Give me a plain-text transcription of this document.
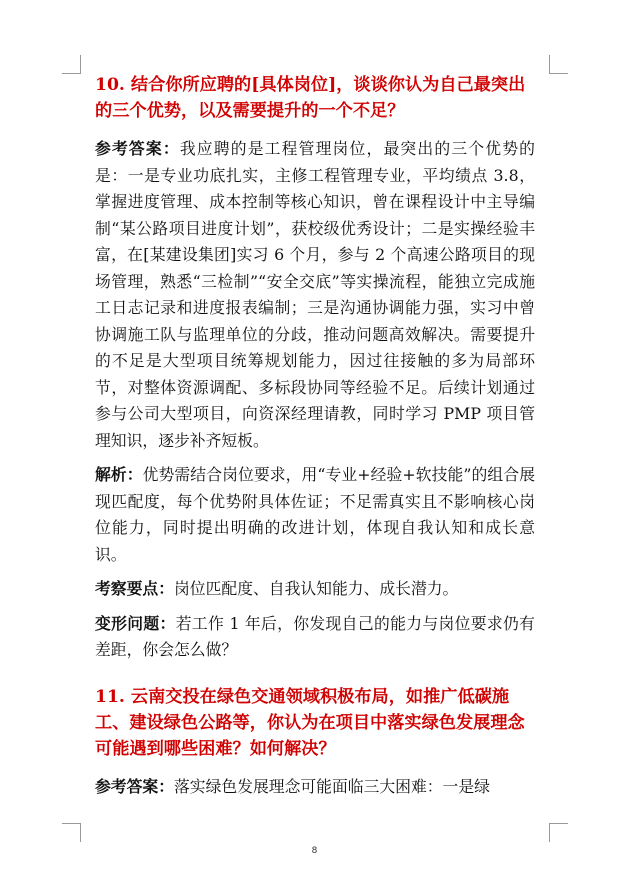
10. 结合你所应聘的[具体岗位]，谈谈你认为自己最突出的三个优势，以及需要提升的一个不足？

参考答案：我应聘的是工程管理岗位，最突出的三个优势的是：一是专业功底扎实，主修工程管理专业，平均绩点 3.8，掌握进度管理、成本控制等核心知识，曾在课程设计中主导编制“某公路项目进度计划”，获校级优秀设计；二是实操经验丰富，在[某建设集团]实习 6 个月，参与 2 个高速公路项目的现场管理，熟悉“三检制”“安全交底”等实操流程，能独立完成施工日志记录和进度报表编制；三是沟通协调能力强，实习中曾协调施工队与监理单位的分歧，推动问题高效解决。需要提升的不足是大型项目统筹规划能力，因过往接触的多为局部环节，对整体资源调配、多标段协同等经验不足。后续计划通过参与公司大型项目，向资深经理请教，同时学习 PMP 项目管理知识，逐步补齐短板。

解析：优势需结合岗位要求，用“专业+经验+软技能”的组合展现匹配度，每个优势附具体佐证；不足需真实且不影响核心岗位能力，同时提出明确的改进计划，体现自我认知和成长意识。

考察要点：岗位匹配度、自我认知能力、成长潜力。

变形问题：若工作 1 年后，你发现自己的能力与岗位要求仍有差距，你会怎么做？

11. 云南交投在绿色交通领域积极布局，如推广低碳施工、建设绿色公路等，你认为在项目中落实绿色发展理念可能遇到哪些困难？如何解决？

参考答案：落实绿色发展理念可能面临三大困难：一是绿

8
